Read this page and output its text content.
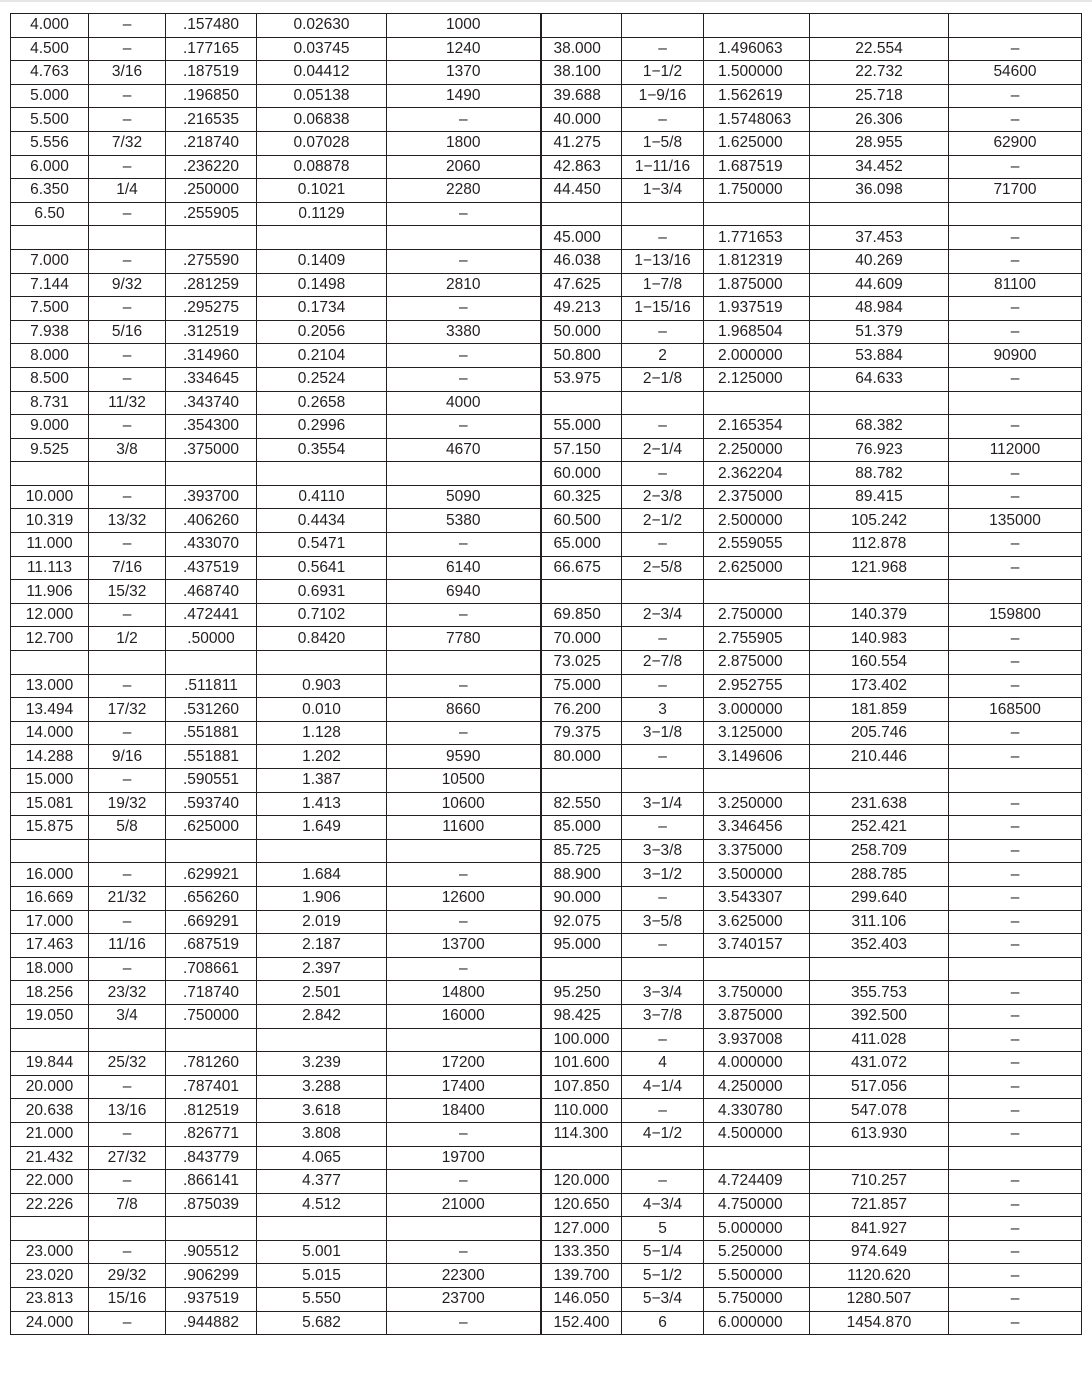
4.000	–	.157480	0.02630	1000					
4.500	–	.177165	0.03745	1240	38.000	–	1.496063	22.554	–
4.763	3/16	.187519	0.04412	1370	38.100	1−1/2	1.500000	22.732	54600
5.000	–	.196850	0.05138	1490	39.688	1−9/16	1.562619	25.718	–
5.500	–	.216535	0.06838	–	40.000	–	1.5748063	26.306	–
5.556	7/32	.218740	0.07028	1800	41.275	1−5/8	1.625000	28.955	62900
6.000	–	.236220	0.08878	2060	42.863	1−11/16	1.687519	34.452	–
6.350	1/4	.250000	0.1021	2280	44.450	1−3/4	1.750000	36.098	71700
6.50	–	.255905	0.1129	–					
					45.000	–	1.771653	37.453	–
7.000	–	.275590	0.1409	–	46.038	1−13/16	1.812319	40.269	–
7.144	9/32	.281259	0.1498	2810	47.625	1−7/8	1.875000	44.609	81100
7.500	–	.295275	0.1734	–	49.213	1−15/16	1.937519	48.984	–
7.938	5/16	.312519	0.2056	3380	50.000	–	1.968504	51.379	–
8.000	–	.314960	0.2104	–	50.800	2	2.000000	53.884	90900
8.500	–	.334645	0.2524	–	53.975	2−1/8	2.125000	64.633	–
8.731	11/32	.343740	0.2658	4000					
9.000	–	.354300	0.2996	–	55.000	–	2.165354	68.382	–
9.525	3/8	.375000	0.3554	4670	57.150	2−1/4	2.250000	76.923	112000
					60.000	–	2.362204	88.782	–
10.000	–	.393700	0.4110	5090	60.325	2−3/8	2.375000	89.415	–
10.319	13/32	.406260	0.4434	5380	60.500	2−1/2	2.500000	105.242	135000
11.000	–	.433070	0.5471	–	65.000	–	2.559055	112.878	–
11.113	7/16	.437519	0.5641	6140	66.675	2−5/8	2.625000	121.968	–
11.906	15/32	.468740	0.6931	6940					
12.000	–	.472441	0.7102	–	69.850	2−3/4	2.750000	140.379	159800
12.700	1/2	.50000	0.8420	7780	70.000	–	2.755905	140.983	–
					73.025	2−7/8	2.875000	160.554	–
13.000	–	.511811	0.903	–	75.000	–	2.952755	173.402	–
13.494	17/32	.531260	0.010	8660	76.200	3	3.000000	181.859	168500
14.000	–	.551881	1.128	–	79.375	3−1/8	3.125000	205.746	–
14.288	9/16	.551881	1.202	9590	80.000	–	3.149606	210.446	–
15.000	–	.590551	1.387	10500					
15.081	19/32	.593740	1.413	10600	82.550	3−1/4	3.250000	231.638	–
15.875	5/8	.625000	1.649	11600	85.000	–	3.346456	252.421	–
					85.725	3−3/8	3.375000	258.709	–
16.000	–	.629921	1.684	–	88.900	3−1/2	3.500000	288.785	–
16.669	21/32	.656260	1.906	12600	90.000	–	3.543307	299.640	–
17.000	–	.669291	2.019	–	92.075	3−5/8	3.625000	311.106	–
17.463	11/16	.687519	2.187	13700	95.000	–	3.740157	352.403	–
18.000	–	.708661	2.397	–					
18.256	23/32	.718740	2.501	14800	95.250	3−3/4	3.750000	355.753	–
19.050	3/4	.750000	2.842	16000	98.425	3−7/8	3.875000	392.500	–
					100.000	–	3.937008	411.028	–
19.844	25/32	.781260	3.239	17200	101.600	4	4.000000	431.072	–
20.000	–	.787401	3.288	17400	107.850	4−1/4	4.250000	517.056	–
20.638	13/16	.812519	3.618	18400	110.000	–	4.330780	547.078	–
21.000	–	.826771	3.808	–	114.300	4−1/2	4.500000	613.930	–
21.432	27/32	.843779	4.065	19700					
22.000	–	.866141	4.377	–	120.000	–	4.724409	710.257	–
22.226	7/8	.875039	4.512	21000	120.650	4−3/4	4.750000	721.857	–
					127.000	5	5.000000	841.927	–
23.000	–	.905512	5.001	–	133.350	5−1/4	5.250000	974.649	–
23.020	29/32	.906299	5.015	22300	139.700	5−1/2	5.500000	1120.620	–
23.813	15/16	.937519	5.550	23700	146.050	5−3/4	5.750000	1280.507	–
24.000	–	.944882	5.682	–	152.400	6	6.000000	1454.870	–
